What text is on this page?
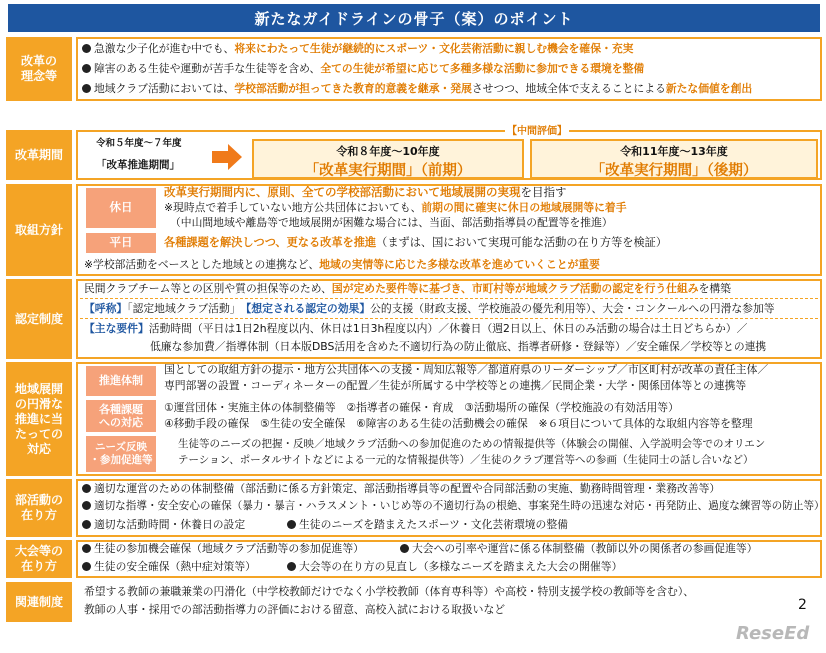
新たなガイドラインの骨子（案）のポイント
改革の
理念等
急激な少子化が進む中でも、将来にわたって生徒が継続的にスポーツ・文化芸術活動に親しむ機会を確保・充実
障害のある生徒や運動が苦手な生徒等を含め、全ての生徒が希望に応じて多種多様な活動に参加できる環境を整備
地域クラブ活動においては、学校部活動が担ってきた教育的意義を継承・発展させつつ、地域全体で支えることによる新たな価値を創出
改革期間
令和５年度～７年度
「改革推進期間」
【中間評価】
令和８年度～10年度
「改革実行期間」（前期）
令和11年度～13年度
「改革実行期間」（後期）
取組方針
休日
改革実行期間内に、原則、全ての学校部活動において地域展開の実現を目指す
※現時点で着手していない地方公共団体においても、前期の間に確実に休日の地域展開等に着手
（中山間地域や離島等で地域展開が困難な場合には、当面、部活動指導員の配置等を推進）
平日	各種課題を解決しつつ、更なる改革を推進（まずは、国において実現可能な活動の在り方等を検証）
※学校部活動をベースとした地域との連携など、地域の実情等に応じた多様な改革を進めていくことが重要
認定制度
民間クラブチーム等との区別や質の担保等のため、国が定めた要件等に基づき、市町村等が地域クラブ活動の認定を行う仕組みを構築
【呼称】「認定地域クラブ活動」　 【想定される認定の効果】公的支援（財政支援、学校施設の優先利用等）、大会・コンクールへの円滑な参加等
【主な要件】活動時間（平日は1日2h程度以内、休日は1日3h程度以内）／休養日（週2日以上、休日のみ活動の場合は土日どちらか）／
低廉な参加費／指導体制（日本版DBS活用を含めた不適切行為の防止徹底、指導者研修・登録等）／安全確保／学校等との連携
地域展開
の円滑な
推進に当
たっての
対応
推進体制
国としての取組方針の提示・地方公共団体への支援・周知広報等／都道府県のリーダーシップ／市区町村が改革の責任主体／
専門部署の設置・コーディネーターの配置／生徒が所属する中学校等との連携／民間企業・大学・関係団体等との連携等
各種課題
への対応
①運営団体・実施主体の体制整備等　②指導者の確保・育成　③活動場所の確保（学校施設の有効活用等）
④移動手段の確保　⑤生徒の安全確保　⑥障害のある生徒の活動機会の確保　※６項目について具体的な取組内容等を整理
ニーズ反映
・参加促進等
生徒等のニーズの把握・反映／地域クラブ活動への参加促進のための情報提供等（体験会の開催、入学説明会等でのオリエン
テーション、ポータルサイトなどによる一元的な情報提供等）／生徒のクラブ運営等への参画（生徒同士の話し合いなど）
部活動の
在り方
適切な運営のための体制整備（部活動に係る方針策定、部活動指導員等の配置や合同部活動の実施、勤務時間管理・業務改善等）
適切な指導・安全安心の確保（暴力・暴言・ハラスメント・いじめ等の不適切行為の根絶、事案発生時の迅速な対応・再発防止、過度な練習等の防止等）
適切な活動時間・休養日の設定	生徒のニーズを踏まえたスポーツ・文化芸術環境の整備
大会等の
在り方
生徒の参加機会確保（地域クラブ活動等の参加促進等）	大会への引率や運営に係る体制整備（教師以外の関係者の参画促進等）
生徒の安全確保（熱中症対策等）	大会等の在り方の見直し（多様なニーズを踏まえた大会の開催等）
関連制度
希望する教師の兼職兼業の円滑化（中学校教師だけでなく小学校教師（体育専科等）や高校・特別支援学校の教師等を含む）、
教師の人事・採用での部活動指導力の評価における留意、高校入試における取扱いなど	2
ReseEd
